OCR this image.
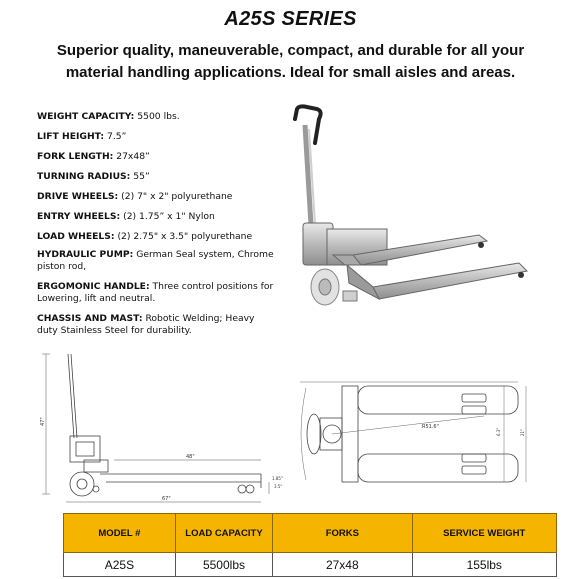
A25S SERIES
Superior quality, maneuverable, compact, and durable for all your material handling applications. Ideal for small aisles and areas.

WEIGHT CAPACITY: 5500 lbs.

LIFT HEIGHT: 7.5”

FORK LENGTH: 27x48”

TURNING RADIUS: 55”

DRIVE WHEELS: (2) 7" x 2" polyurethane

ENTRY WHEELS: (2) 1.75” x 1" Nylon

LOAD WHEELS: (2) 2.75" x 3.5" polyurethane

HYDRAULIC PUMP: German Seal system, Chrome piston rod,

ERGOMONIC HANDLE: Three control positions for Lowering, lift and neutral.

CHASSIS AND MAST: Robotic Welding; Heavy duty Stainless Steel for durability.

47"
48"
67"
3.5"
1.85"
R51.6"
6.3"	21"
MODEL #	LOAD CAPACITY	FORKS	SERVICE WEIGHT
A25S	5500lbs	27x48	155lbs
